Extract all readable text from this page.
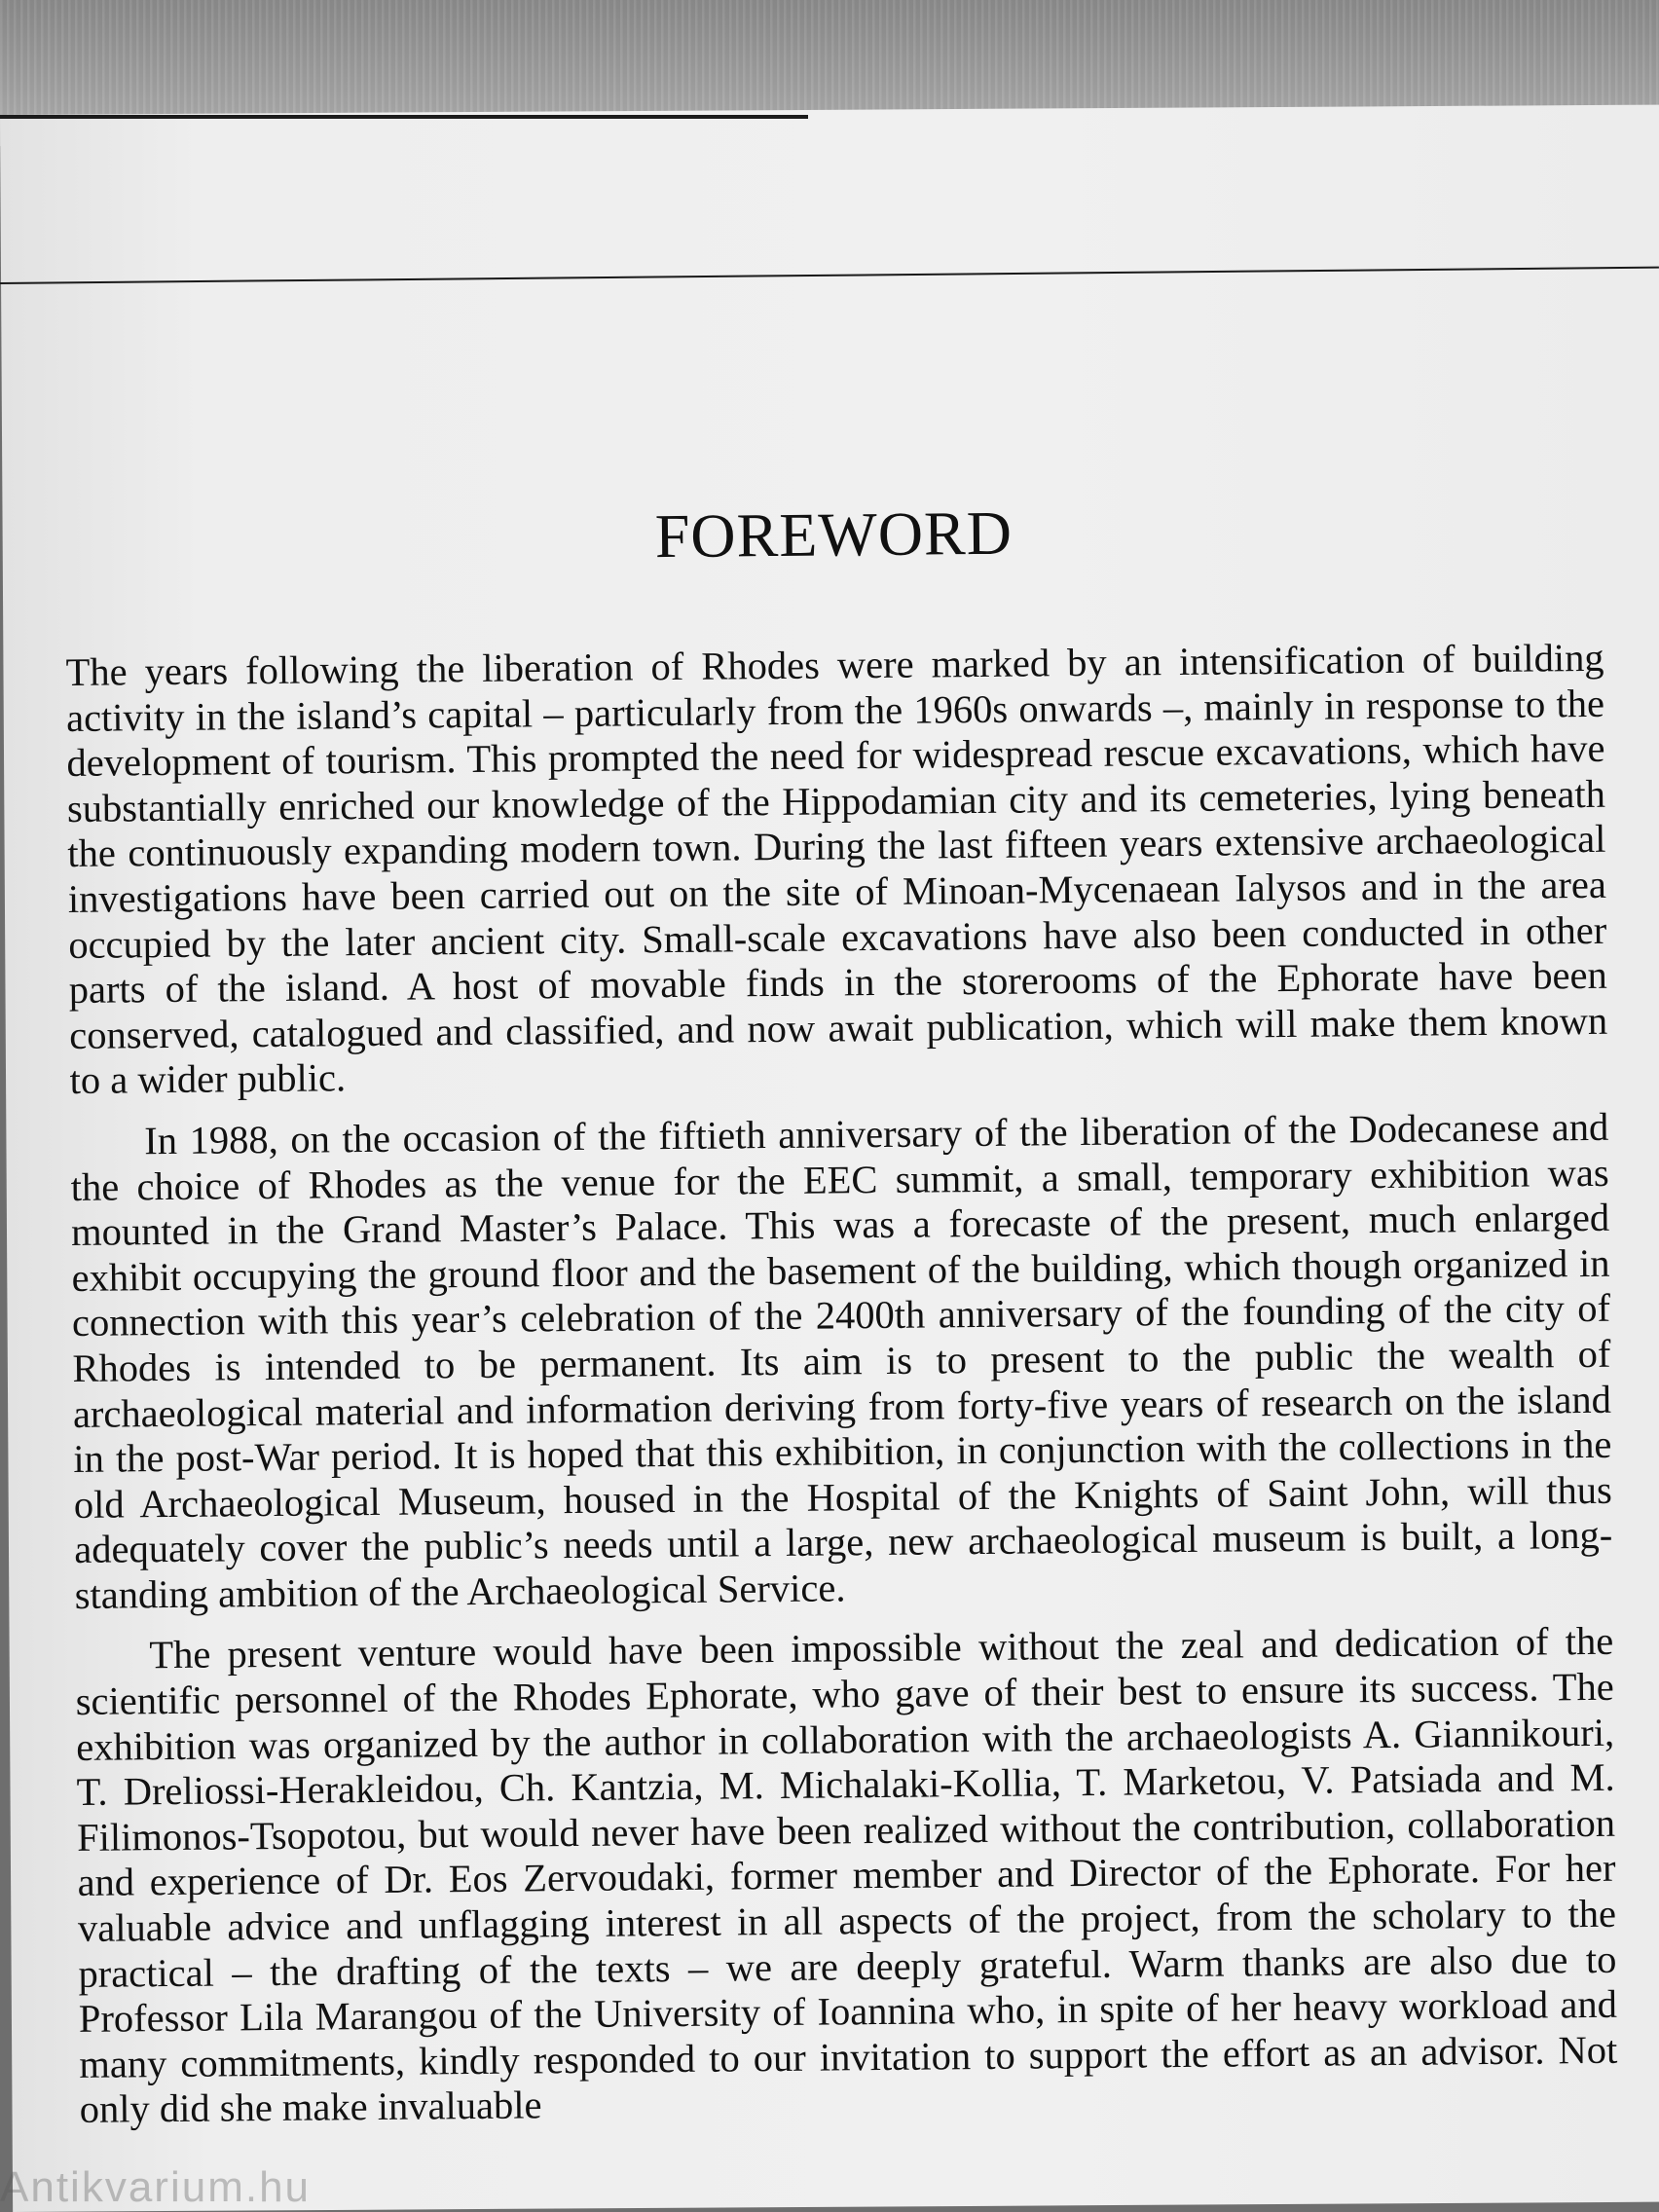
FOREWORD

The years following the liberation of Rhodes were marked by an intensification of building activity in the island’s capital – particularly from the 1960s onwards –, mainly in response to the development of tourism. This prompted the need for widespread rescue excavations, which have substantially enriched our knowledge of the Hippodamian city and its cemeteries, lying beneath the continuously expanding modern town. During the last fifteen years extensive archaeological investigations have been carried out on the site of Minoan-Mycenaean Ialysos and in the area occupied by the later ancient city. Small-scale excavations have also been conducted in other parts of the island. A host of movable finds in the storerooms of the Ephorate have been conserved, catalogued and classified, and now await publication, which will make them known to a wider public.

In 1988, on the occasion of the fiftieth anniversary of the liberation of the Dodecanese and the choice of Rhodes as the venue for the EEC summit, a small, temporary exhibition was mounted in the Grand Master’s Palace. This was a forecaste of the present, much enlarged exhibit occupying the ground floor and the basement of the building, which though organized in connection with this year’s celebration of the 2400th anniversary of the founding of the city of Rhodes is intended to be permanent. Its aim is to present to the public the wealth of archaeological material and information deriving from forty-five years of research on the island in the post-War period. It is hoped that this exhibition, in conjunction with the collections in the old Archaeological Museum, housed in the Hospital of the Knights of Saint John, will thus adequately cover the public’s needs until a large, new archaeological museum is built, a long-standing ambition of the Archaeological Service.

The present venture would have been impossible without the zeal and dedication of the scientific personnel of the Rhodes Ephorate, who gave of their best to ensure its success. The exhibition was organized by the author in collaboration with the archaeologists A. Giannikouri, T. Dreliossi-Herakleidou, Ch. Kantzia, M. Michalaki-Kollia, T. Marketou, V. Patsiada and M. Filimonos-Tsopotou, but would never have been realized without the contribution, collaboration and experience of Dr. Eos Zervoudaki, former member and Director of the Ephorate. For her valuable advice and unflagging interest in all aspects of the project, from the scholary to the practical – the drafting of the texts – we are deeply grateful. Warm thanks are also due to Professor Lila Marangou of the University of Ioannina who, in spite of her heavy workload and many commitments, kindly responded to our invitation to support the effort as an advisor. Not only did she make invaluable

Antikvarium.hu
